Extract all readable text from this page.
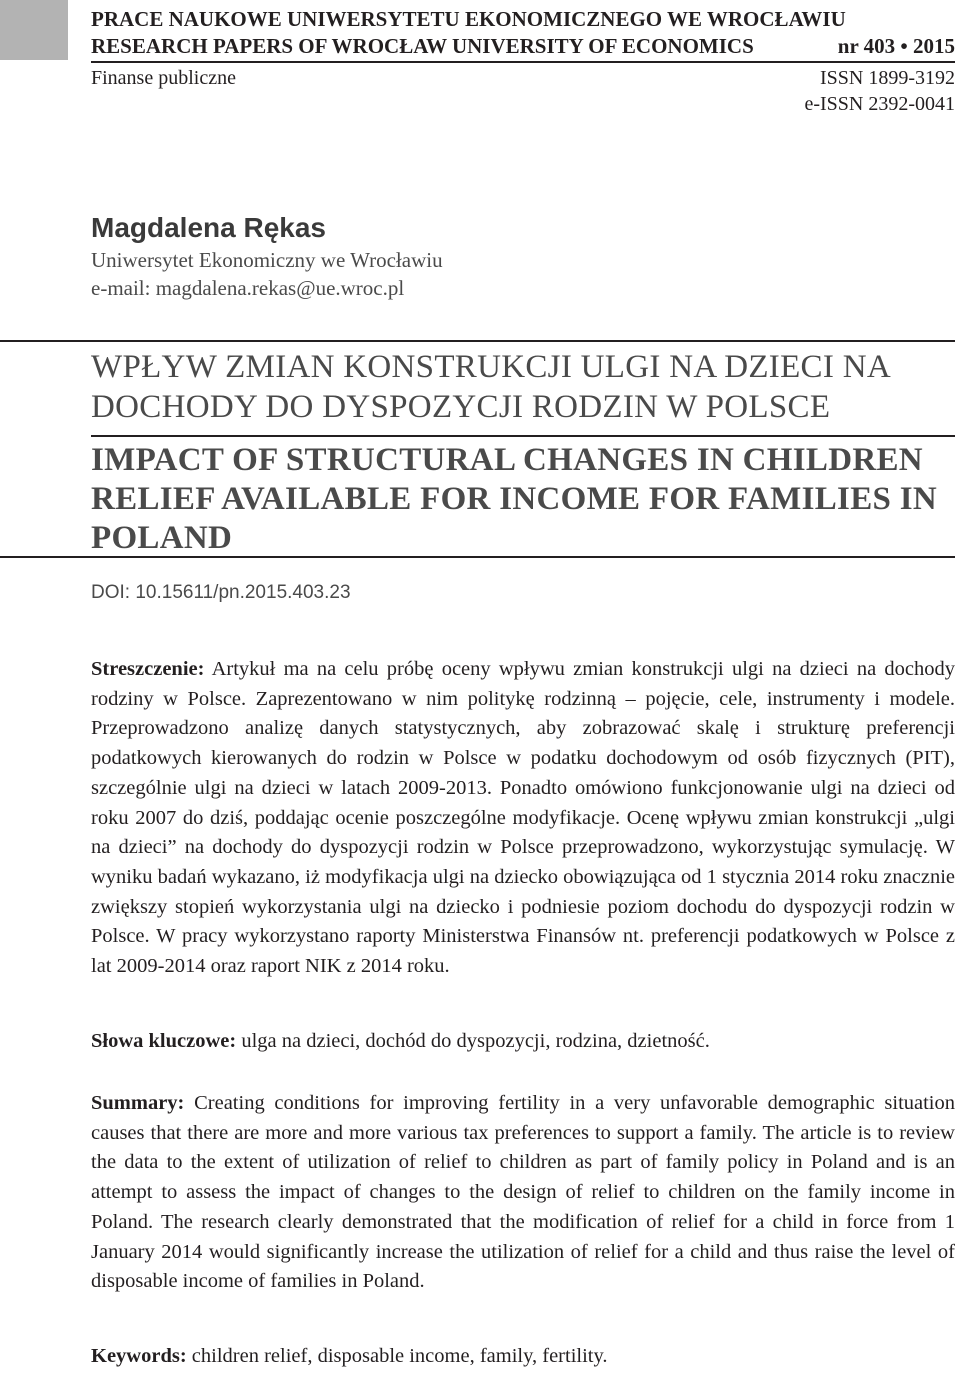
PRACE NAUKOWE UNIWERSYTETU EKONOMICZNEGO WE WROCŁAWIU
RESEARCH PAPERS OF WROCŁAW UNIVERSITY OF ECONOMICS	nr 403 • 2015
Finanse publiczne	ISSN 1899-3192
e-ISSN 2392-0041
Magdalena Rękas
Uniwersytet Ekonomiczny we Wrocławiu
e-mail: magdalena.rekas@ue.wroc.pl
WPŁYW ZMIAN KONSTRUKCJI ULGI NA DZIECI NA DOCHODY DO DYSPOZYCJI RODZIN W POLSCE
IMPACT OF STRUCTURAL CHANGES IN CHILDREN RELIEF AVAILABLE FOR INCOME FOR FAMILIES IN POLAND
DOI: 10.15611/pn.2015.403.23
Streszczenie: Artykuł ma na celu próbę oceny wpływu zmian konstrukcji ulgi na dzieci na dochody rodziny w Polsce. Zaprezentowano w nim politykę rodzinną – pojęcie, cele, instrumenty i modele. Przeprowadzono analizę danych statystycznych, aby zobrazować skalę i strukturę preferencji podatkowych kierowanych do rodzin w Polsce w podatku dochodowym od osób fizycznych (PIT), szczególnie ulgi na dzieci w latach 2009-2013. Ponadto omówiono funkcjonowanie ulgi na dzieci od roku 2007 do dziś, poddając ocenie poszczególne modyfikacje. Ocenę wpływu zmian konstrukcji „ulgi na dzieci” na dochody do dyspozycji rodzin w Polsce przeprowadzono, wykorzystując symulację. W wyniku badań wykazano, iż modyfikacja ulgi na dziecko obowiązująca od 1 stycznia 2014 roku znacznie zwiększy stopień wykorzystania ulgi na dziecko i podniesie poziom dochodu do dyspozycji rodzin w Polsce. W pracy wykorzystano raporty Ministerstwa Finansów nt. preferencji podatkowych w Polsce z lat 2009-2014 oraz raport NIK z 2014 roku.
Słowa kluczowe: ulga na dzieci, dochód do dyspozycji, rodzina, dzietność.
Summary: Creating conditions for improving fertility in a very unfavorable demographic situation causes that there are more and more various tax preferences to support a family. The article is to review the data to the extent of utilization of relief to children as part of family policy in Poland and is an attempt to assess the impact of changes to the design of relief to children on the family income in Poland. The research clearly demonstrated that the modification of relief for a child in force from 1 January 2014 would significantly increase the utilization of relief for a child and thus raise the level of disposable income of families in Poland.
Keywords: children relief, disposable income, family, fertility.
